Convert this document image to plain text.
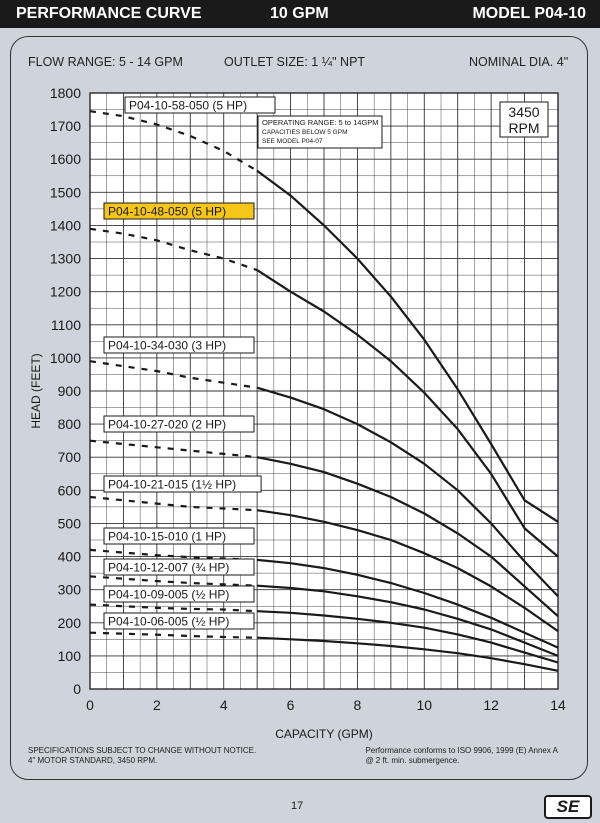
PERFORMANCE CURVE	10 GPM	MODEL P04-10
FLOW RANGE: 5 - 14 GPM	OUTLET SIZE: 1 ¼" NPT	NOMINAL DIA. 4"
0
100
200
300
400
500
600
700
800
900
1000
1100
1200
1300
1400
1500
1600
1700
1800
0	2	4	6	8	10	12	14
CAPACITY (GPM)
HEAD (FEET)
P04-10-58-050 (5 HP)
P04-10-48-050 (5 HP)
P04-10-34-030 (3 HP)
P04-10-27-020 (2 HP)
P04-10-21-015 (1½ HP)
P04-10-15-010 (1 HP)
P04-10-12-007 (¾ HP)
P04-10-09-005 (½ HP)
P04-10-06-005 (½ HP)
3450
RPM
OPERATING RANGE: 5 to 14GPM
CAPACITIES BELOW 5 GPM
SEE MODEL P04-07
SPECIFICATIONS SUBJECT TO CHANGE WITHOUT NOTICE.
4" MOTOR STANDARD, 3450 RPM.
Performance conforms to ISO 9906, 1999 (E) Annex A
@ 2 ft. min. submergence.
17	SE
